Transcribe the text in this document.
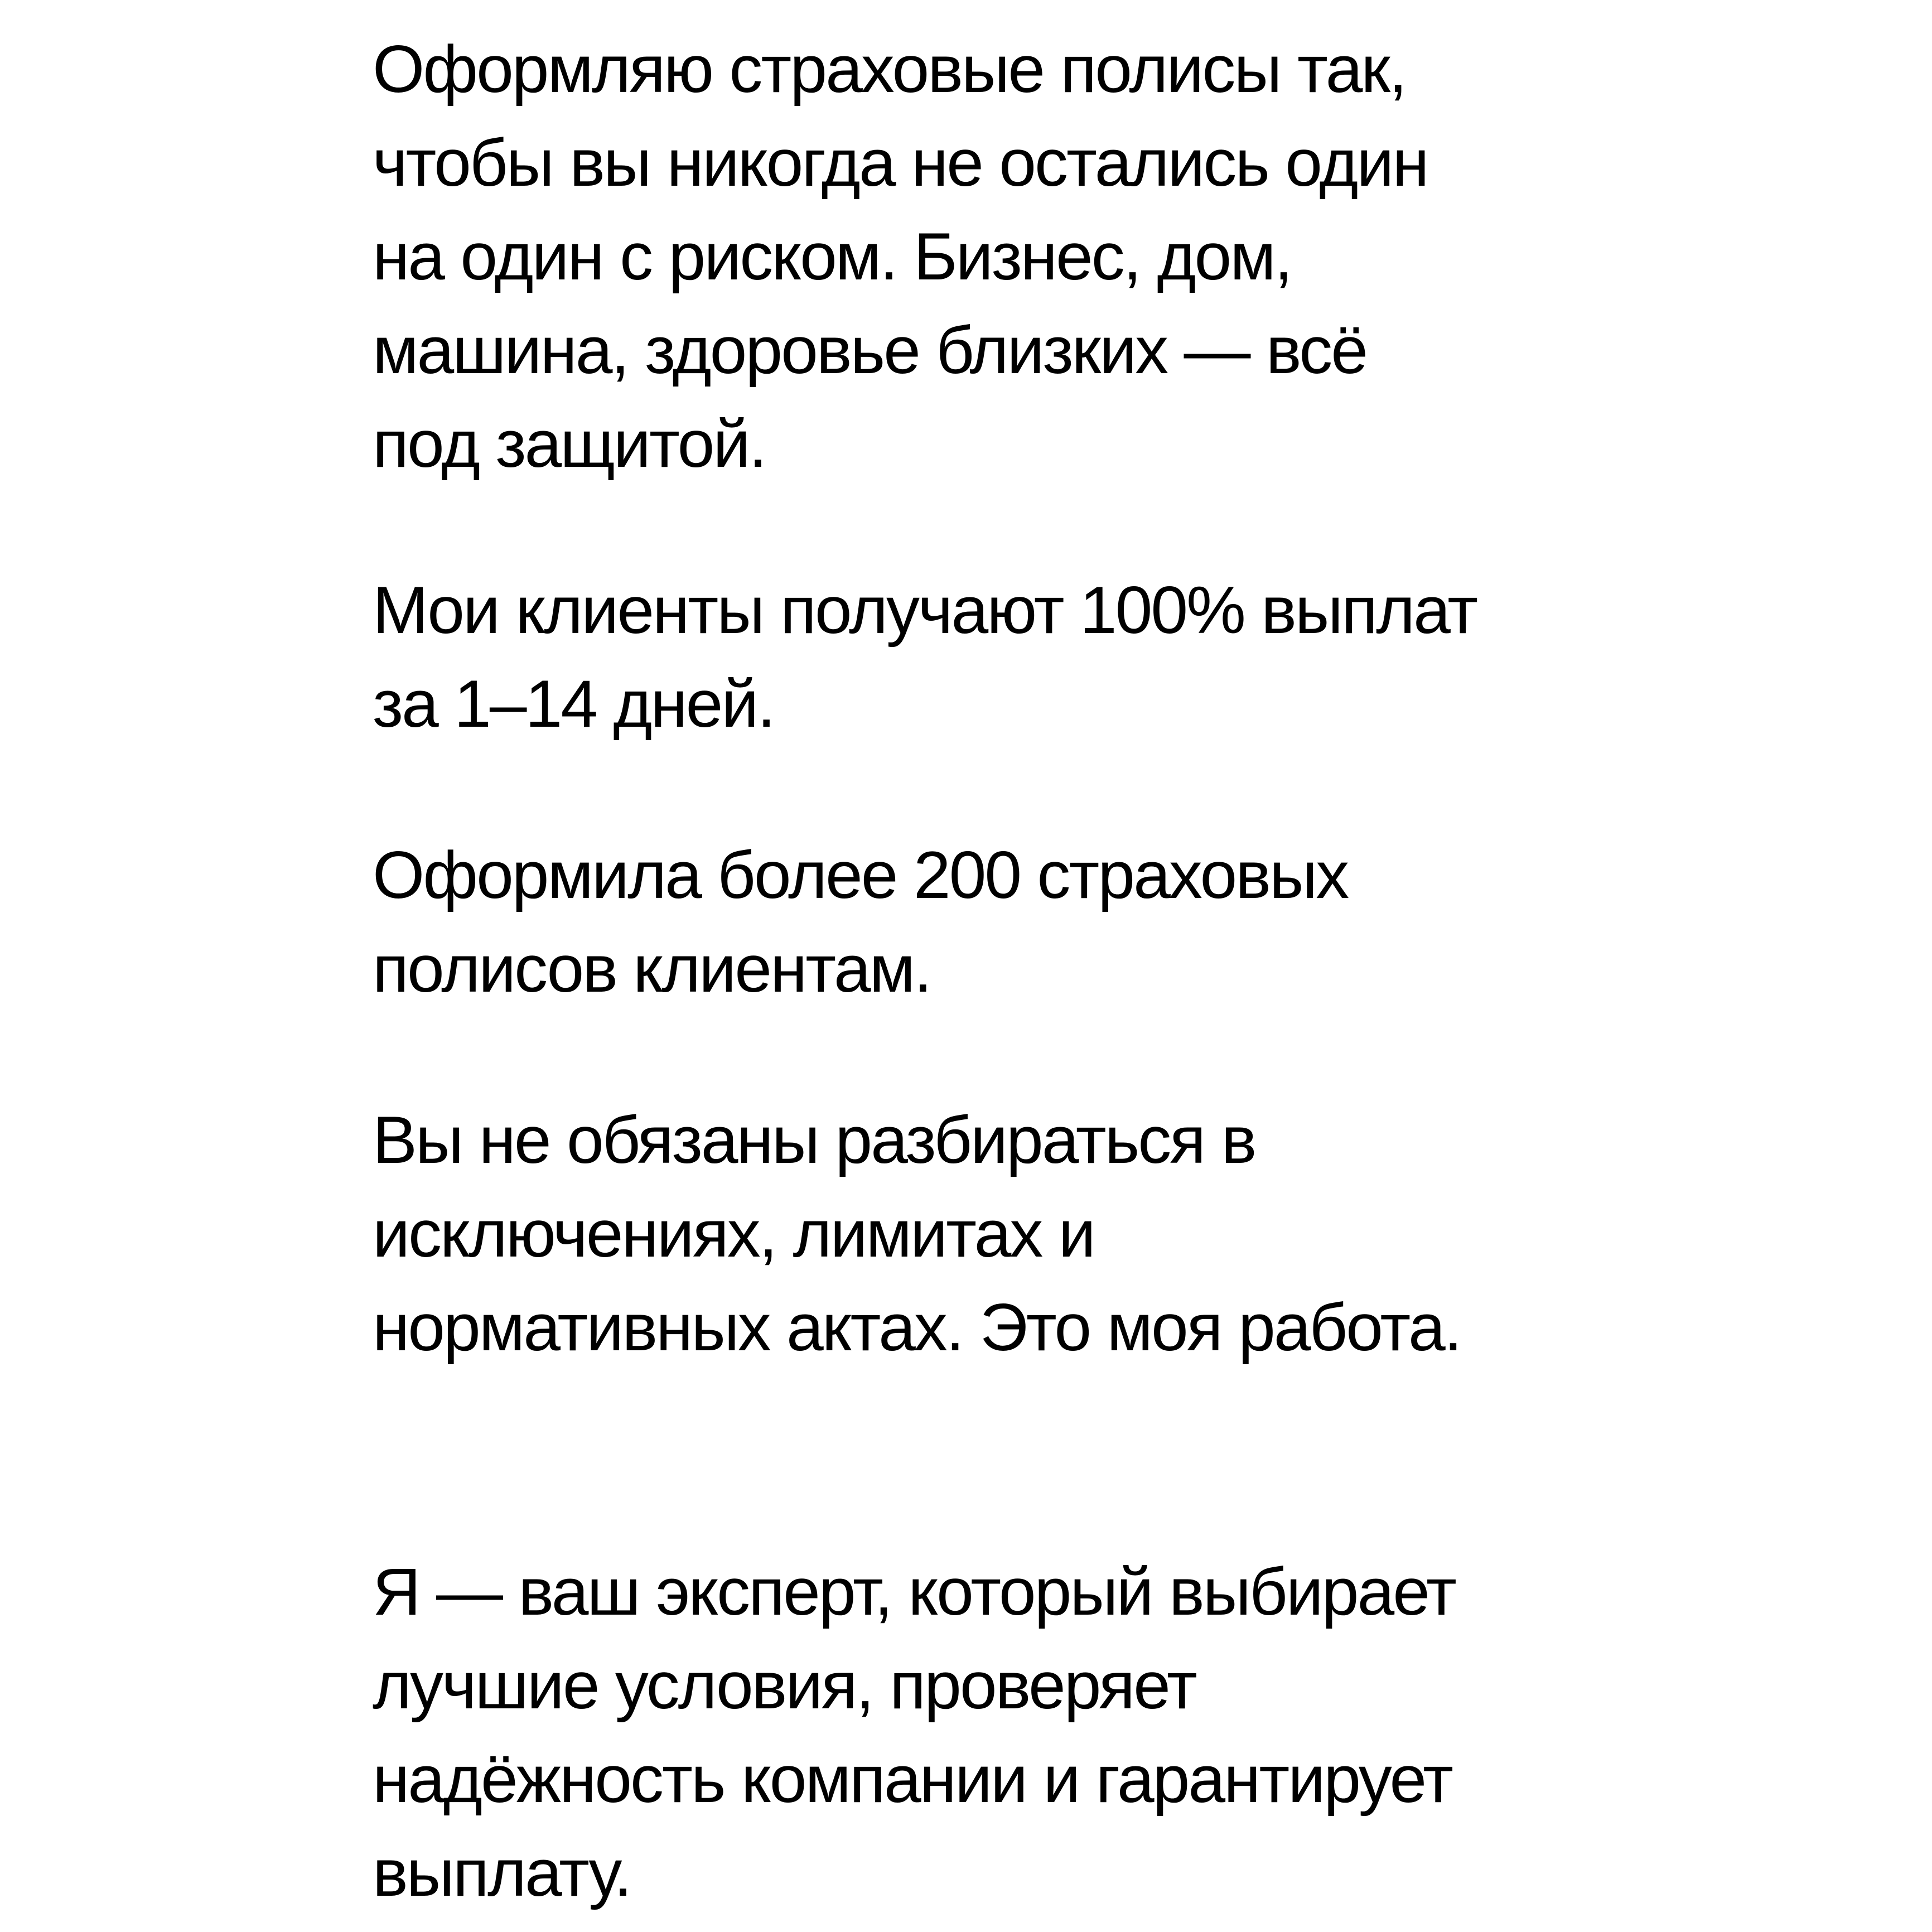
Оформляю страховые полисы так,
чтобы вы никогда не остались один
на один с риском. Бизнес, дом,
машина, здоровье близких — всё
под защитой.

Мои клиенты получают 100% выплат
за 1–14 дней.

Оформила более 200 страховых
полисов клиентам.

Вы не обязаны разбираться в
исключениях, лимитах и
нормативных актах. Это моя работа.

Я — ваш эксперт, который выбирает
лучшие условия, проверяет
надёжность компании и гарантирует
выплату.
